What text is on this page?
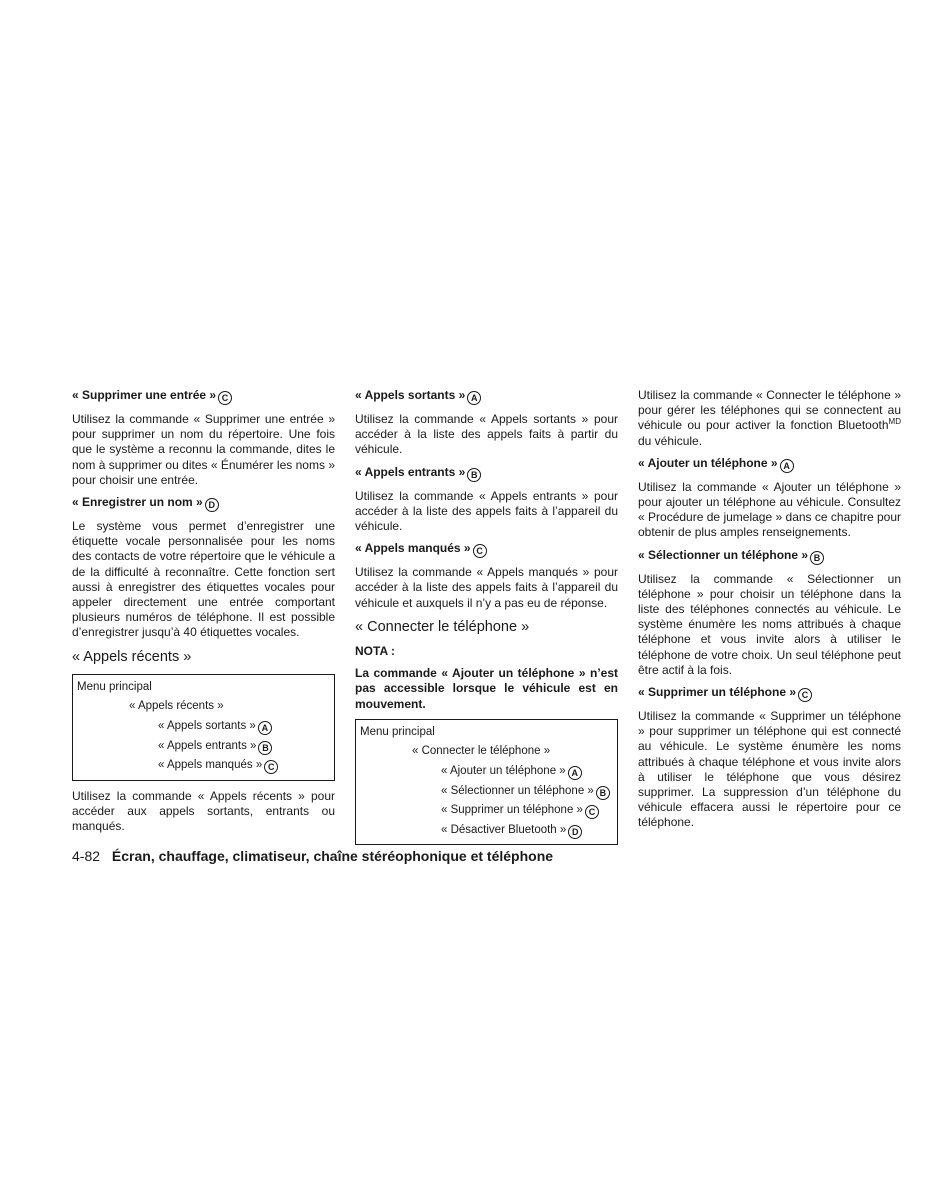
« Supprimer une entrée » C
Utilisez la commande « Supprimer une entrée » pour supprimer un nom du répertoire. Une fois que le système a reconnu la commande, dites le nom à supprimer ou dites « Énumérer les noms » pour choisir une entrée.
« Enregistrer un nom » D
Le système vous permet d’enregistrer une étiquette vocale personnalisée pour les noms des contacts de votre répertoire que le véhicule a de la difficulté à reconnaître. Cette fonction sert aussi à enregistrer des étiquettes vocales pour appeler directement une entrée comportant plusieurs numéros de téléphone. Il est possible d’enregistrer jusqu’à 40 étiquettes vocales.
« Appels récents »
Menu principal
« Appels récents »
« Appels sortants » A
« Appels entrants » B
« Appels manqués » C
Utilisez la commande « Appels récents » pour accéder aux appels sortants, entrants ou manqués.
« Appels sortants » A
Utilisez la commande « Appels sortants » pour accéder à la liste des appels faits à partir du véhicule.
« Appels entrants » B
Utilisez la commande « Appels entrants » pour accéder à la liste des appels faits à l’appareil du véhicule.
« Appels manqués » C
Utilisez la commande « Appels manqués » pour accéder à la liste des appels faits à l’appareil du véhicule et auxquels il n’y a pas eu de réponse.
« Connecter le téléphone »
NOTA :
La commande « Ajouter un téléphone » n’est pas accessible lorsque le véhicule est en mouvement.
Menu principal
« Connecter le téléphone »
« Ajouter un téléphone » A
« Sélectionner un téléphone » B
« Supprimer un téléphone » C
« Désactiver Bluetooth » D
Utilisez la commande « Connecter le téléphone » pour gérer les téléphones qui se connectent au véhicule ou pour activer la fonction Bluetooth$^{MD}$ du véhicule.
« Ajouter un téléphone » A
Utilisez la commande « Ajouter un téléphone » pour ajouter un téléphone au véhicule. Consultez « Procédure de jumelage » dans ce chapitre pour obtenir de plus amples renseignements.
« Sélectionner un téléphone » B
Utilisez la commande « Sélectionner un téléphone » pour choisir un téléphone dans la liste des téléphones connectés au véhicule. Le système énumère les noms attribués à chaque téléphone et vous invite alors à utiliser le téléphone de votre choix. Un seul téléphone peut être actif à la fois.
« Supprimer un téléphone » C
Utilisez la commande « Supprimer un téléphone » pour supprimer un téléphone qui est connecté au véhicule. Le système énumère les noms attribués à chaque téléphone et vous invite alors à utiliser le téléphone que vous désirez supprimer. La suppression d’un téléphone du véhicule effacera aussi le répertoire pour ce téléphone.
4-82 Écran, chauffage, climatiseur, chaîne stéréophonique et téléphone
